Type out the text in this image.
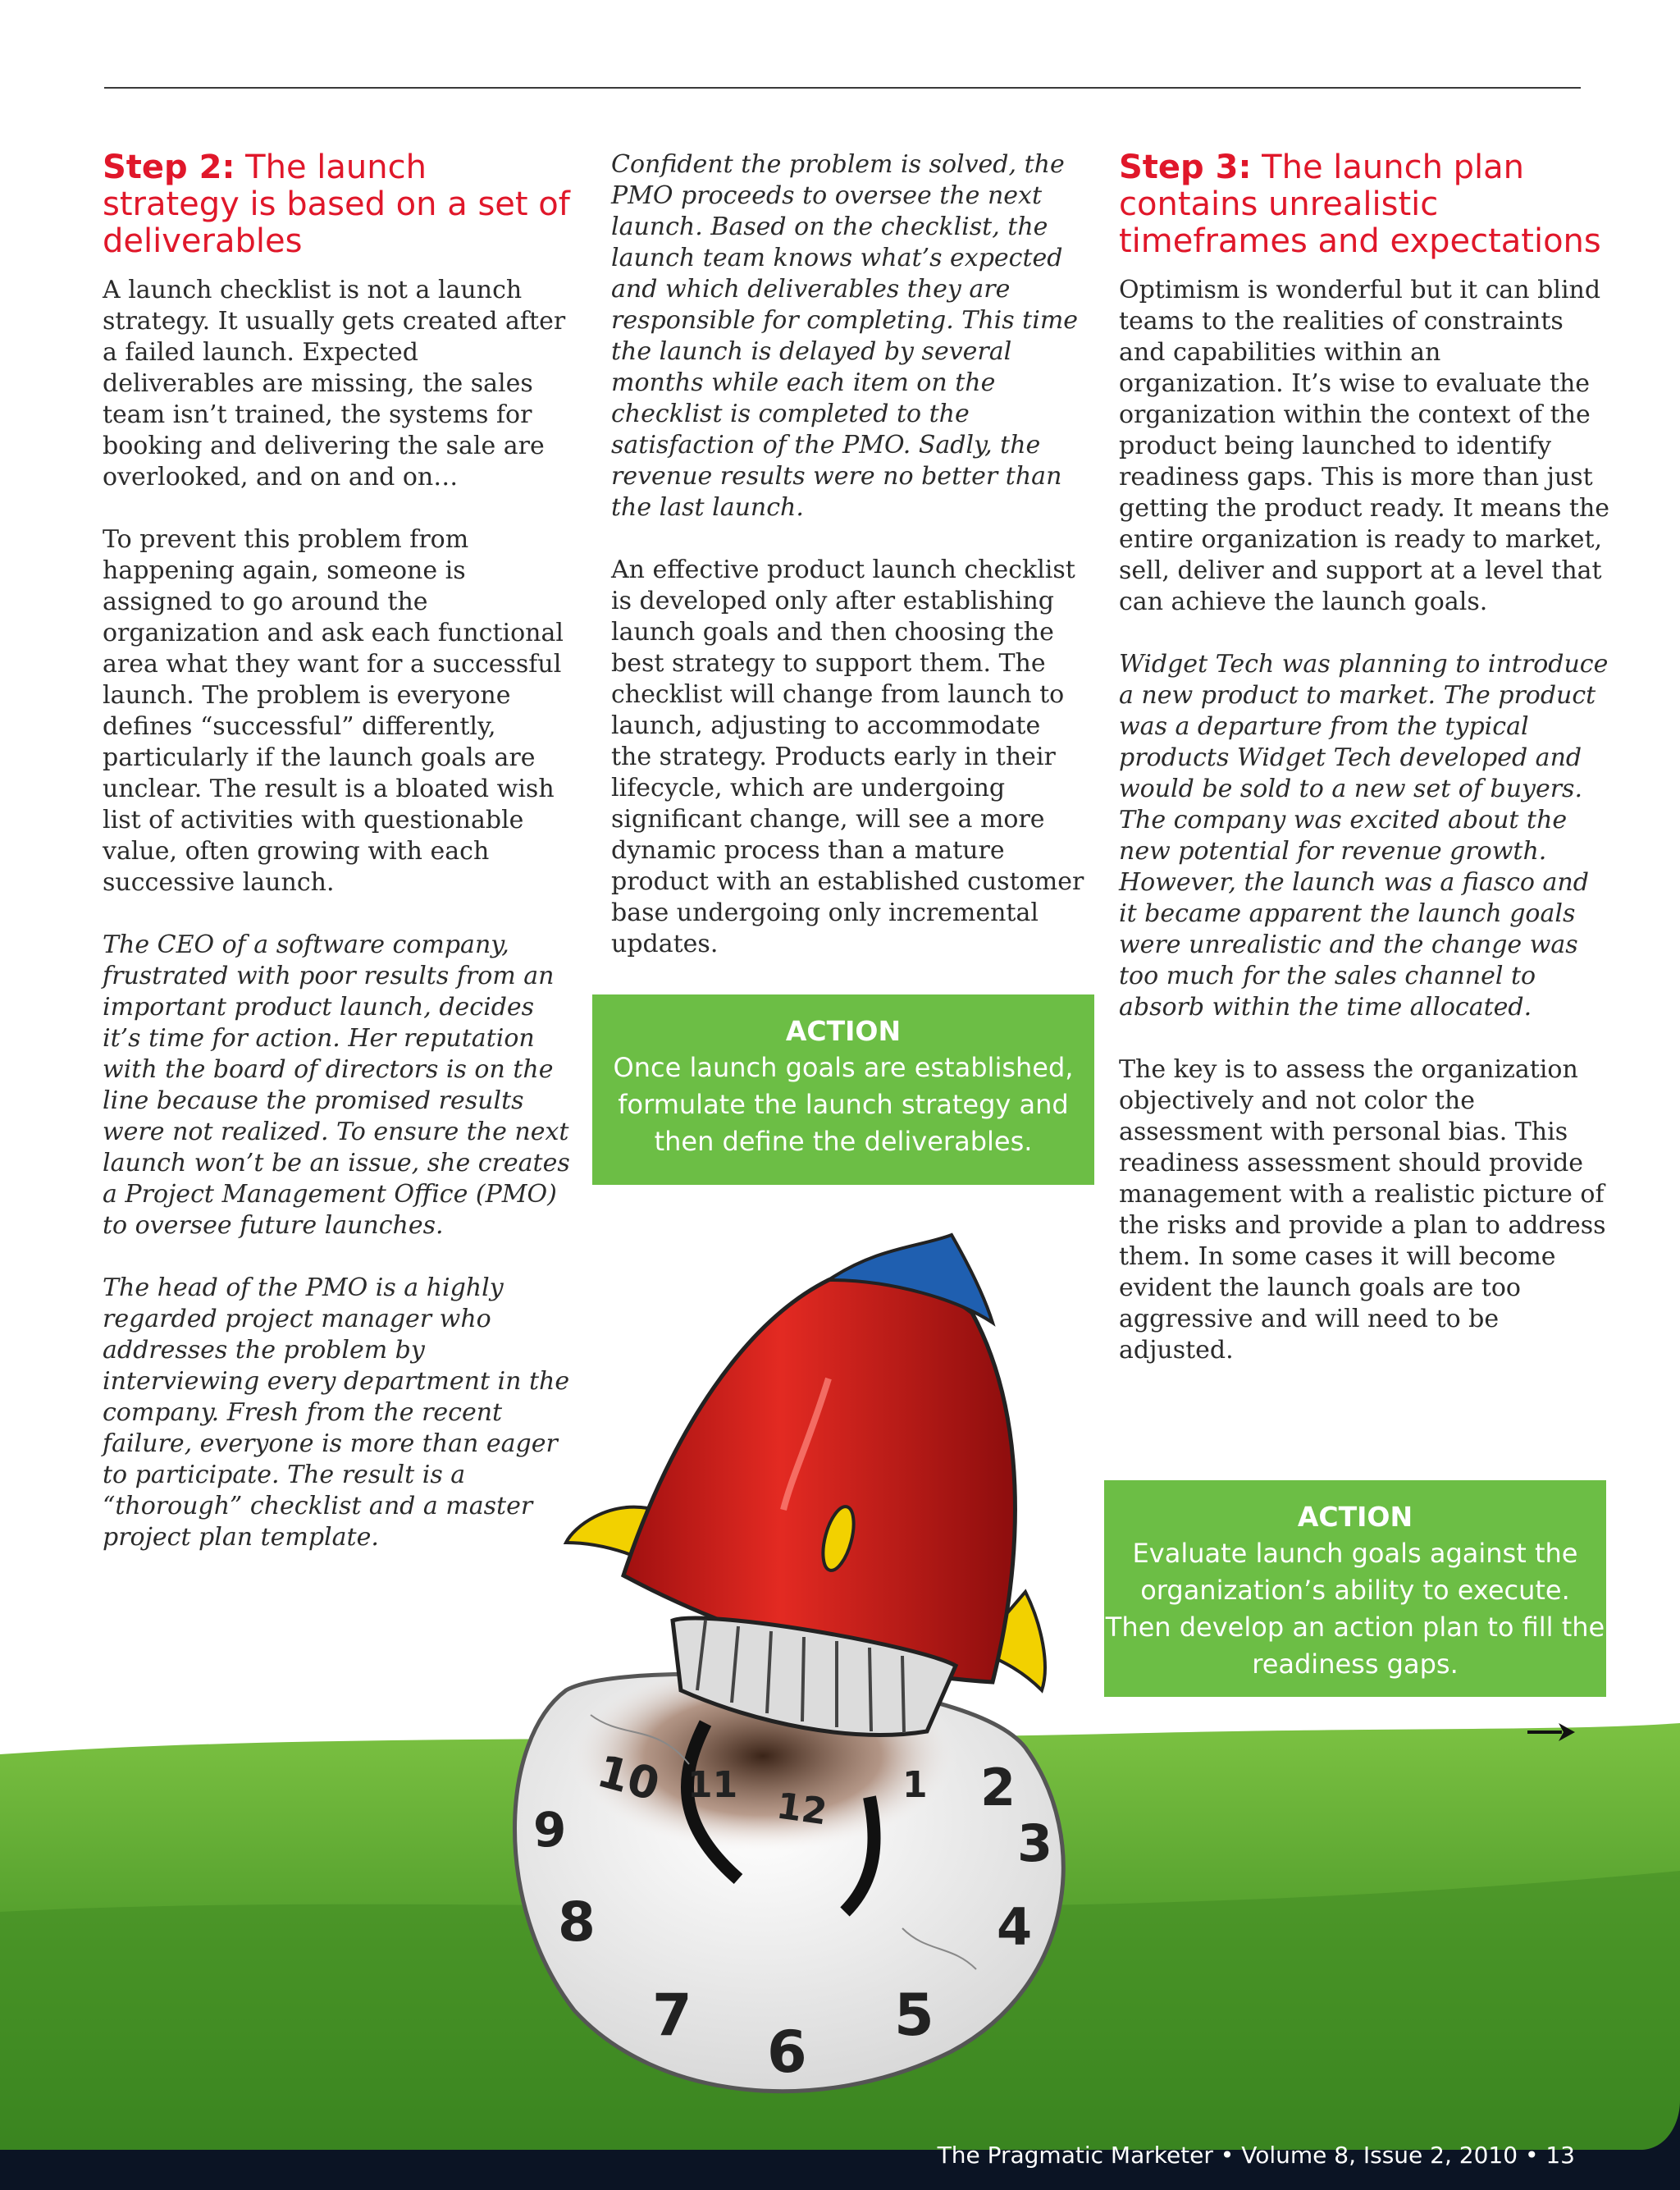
Step 2: The launch strategy is based on a set of deliverables

A launch checklist is not a launch strategy. It usually gets created after a failed launch. Expected deliverables are missing, the sales team isn’t trained, the systems for booking and delivering the sale are overlooked, and on and on…

To prevent this problem from happening again, someone is assigned to go around the organization and ask each functional area what they want for a successful launch. The problem is everyone defines “successful” differently, particularly if the launch goals are unclear. The result is a bloated wish list of activities with questionable value, often growing with each successive launch.

The CEO of a software company, frustrated with poor results from an important product launch, decides it’s time for action. Her reputation with the board of directors is on the line because the promised results were not realized. To ensure the next launch won’t be an issue, she creates a Project Management Office (PMO) to oversee future launches.

The head of the PMO is a highly regarded project manager who addresses the problem by interviewing every department in the company. Fresh from the recent failure, everyone is more than eager to participate. The result is a “thorough” checklist and a master project plan template.

Confident the problem is solved, the PMO proceeds to oversee the next launch. Based on the checklist, the launch team knows what’s expected and which deliverables they are responsible for completing. This time the launch is delayed by several months while each item on the checklist is completed to the satisfaction of the PMO. Sadly, the revenue results were no better than the last launch.

An effective product launch checklist is developed only after establishing launch goals and then choosing the best strategy to support them. The checklist will change from launch to launch, adjusting to accommodate the strategy. Products early in their lifecycle, which are undergoing significant change, will see a more dynamic process than a mature product with an established customer base undergoing only incremental updates.

ACTION
Once launch goals are established, formulate the launch strategy and then define the deliverables.
Step 3: The launch plan contains unrealistic timeframes and expectations

Optimism is wonderful but it can blind teams to the realities of constraints and capabilities within an organization. It’s wise to evaluate the organization within the context of the product being launched to identify readiness gaps. This is more than just getting the product ready. It means the entire organization is ready to market, sell, deliver and support at a level that can achieve the launch goals.

Widget Tech was planning to introduce a new product to market. The product was a departure from the typical products Widget Tech developed and would be sold to a new set of buyers. The company was excited about the new potential for revenue growth. However, the launch was a fiasco and it became apparent the launch goals were unrealistic and the change was too much for the sales channel to absorb within the time allocated.

The key is to assess the organization objectively and not color the assessment with personal bias. This readiness assessment should provide management with a realistic picture of the risks and provide a plan to address them. In some cases it will become evident the launch goals are too aggressive and will need to be adjusted.

ACTION
Evaluate launch goals against the organization’s ability to execute. Then develop an action plan to fill the readiness gaps.
12 1 2
3
4
5
6
7
8
9
10 11
The Pragmatic Marketer • Volume 8, Issue 2, 2010 • 13
